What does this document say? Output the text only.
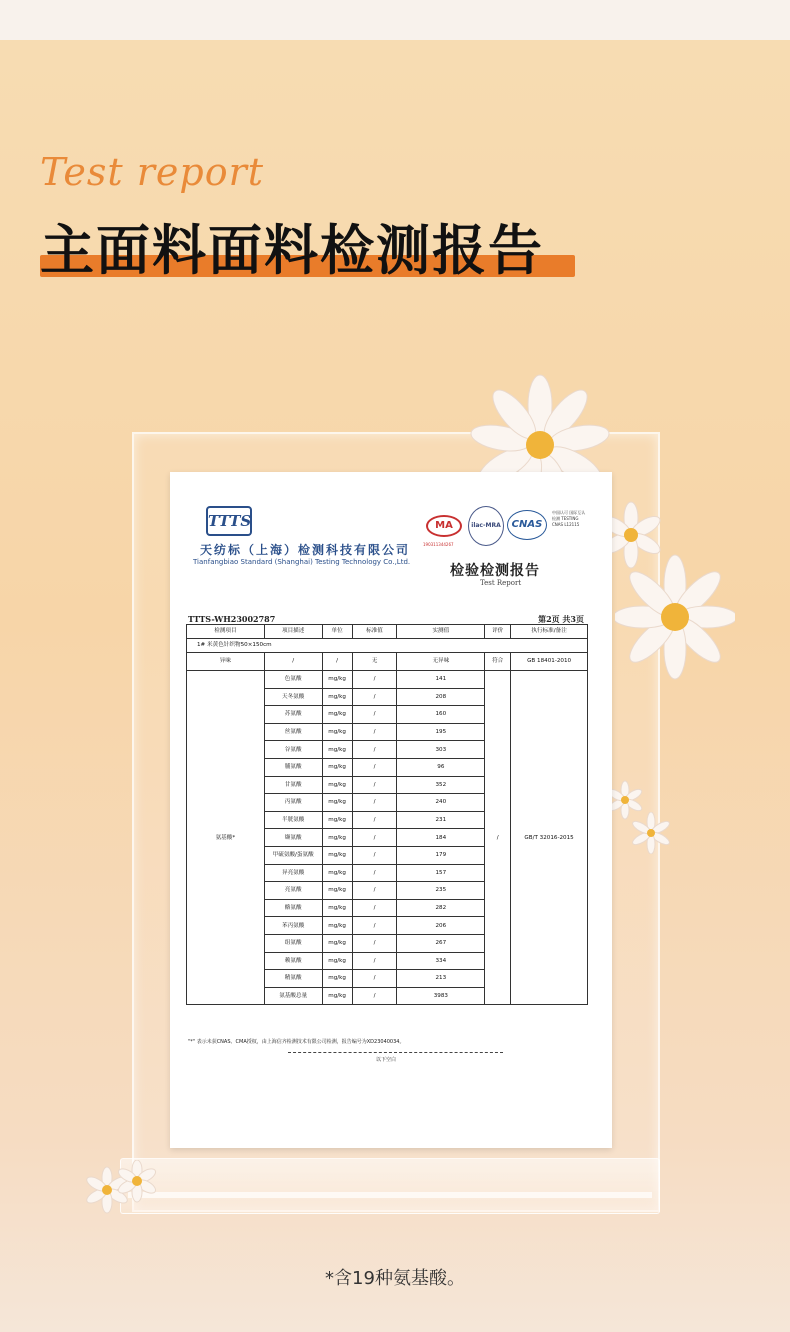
Test report
主面料面料检测报告
TTTS
天纺标（上海）检测科技有限公司
Tianfangbiao Standard (Shanghai) Testing Technology Co.,Ltd.
MA
190311344267
ilac-MRA	CNAS
中国认可 国际互认 检测 TESTING CNAS L12115
检验检测报告
Test Report
TTTS-WH23002787	第2页 共3页
检测项目	项目描述	单位	标准值	实测值	评价	执行标准/备注
1# 米黄色针织物50×150cm						
异味	/	/	无	无异味	符合	GB 18401-2010
氨基酸*	色氨酸	mg/kg	/	141	/	GB/T 32016-2015
	天冬氨酸	mg/kg	/	208		
	苏氨酸	mg/kg	/	160		
	丝氨酸	mg/kg	/	195		
	谷氨酸	mg/kg	/	303		
	脯氨酸	mg/kg	/	96		
	甘氨酸	mg/kg	/	352		
	丙氨酸	mg/kg	/	240		
	半胱氨酸	mg/kg	/	231		
	缬氨酸	mg/kg	/	184		
	甲硫氨酸/蛋氨酸	mg/kg	/	179		
	异亮氨酸	mg/kg	/	157		
	亮氨酸	mg/kg	/	235		
	酪氨酸	mg/kg	/	282		
	苯丙氨酸	mg/kg	/	206		
	组氨酸	mg/kg	/	267		
	赖氨酸	mg/kg	/	334		
	精氨酸	mg/kg	/	213		
	氨基酸总量	mg/kg	/	3983		
"*" 表示未获CNAS、CMA授权，由上海信齐检测技术有限公司检测，报告编号为XD23040034。
以下空白
*含19种氨基酸。
